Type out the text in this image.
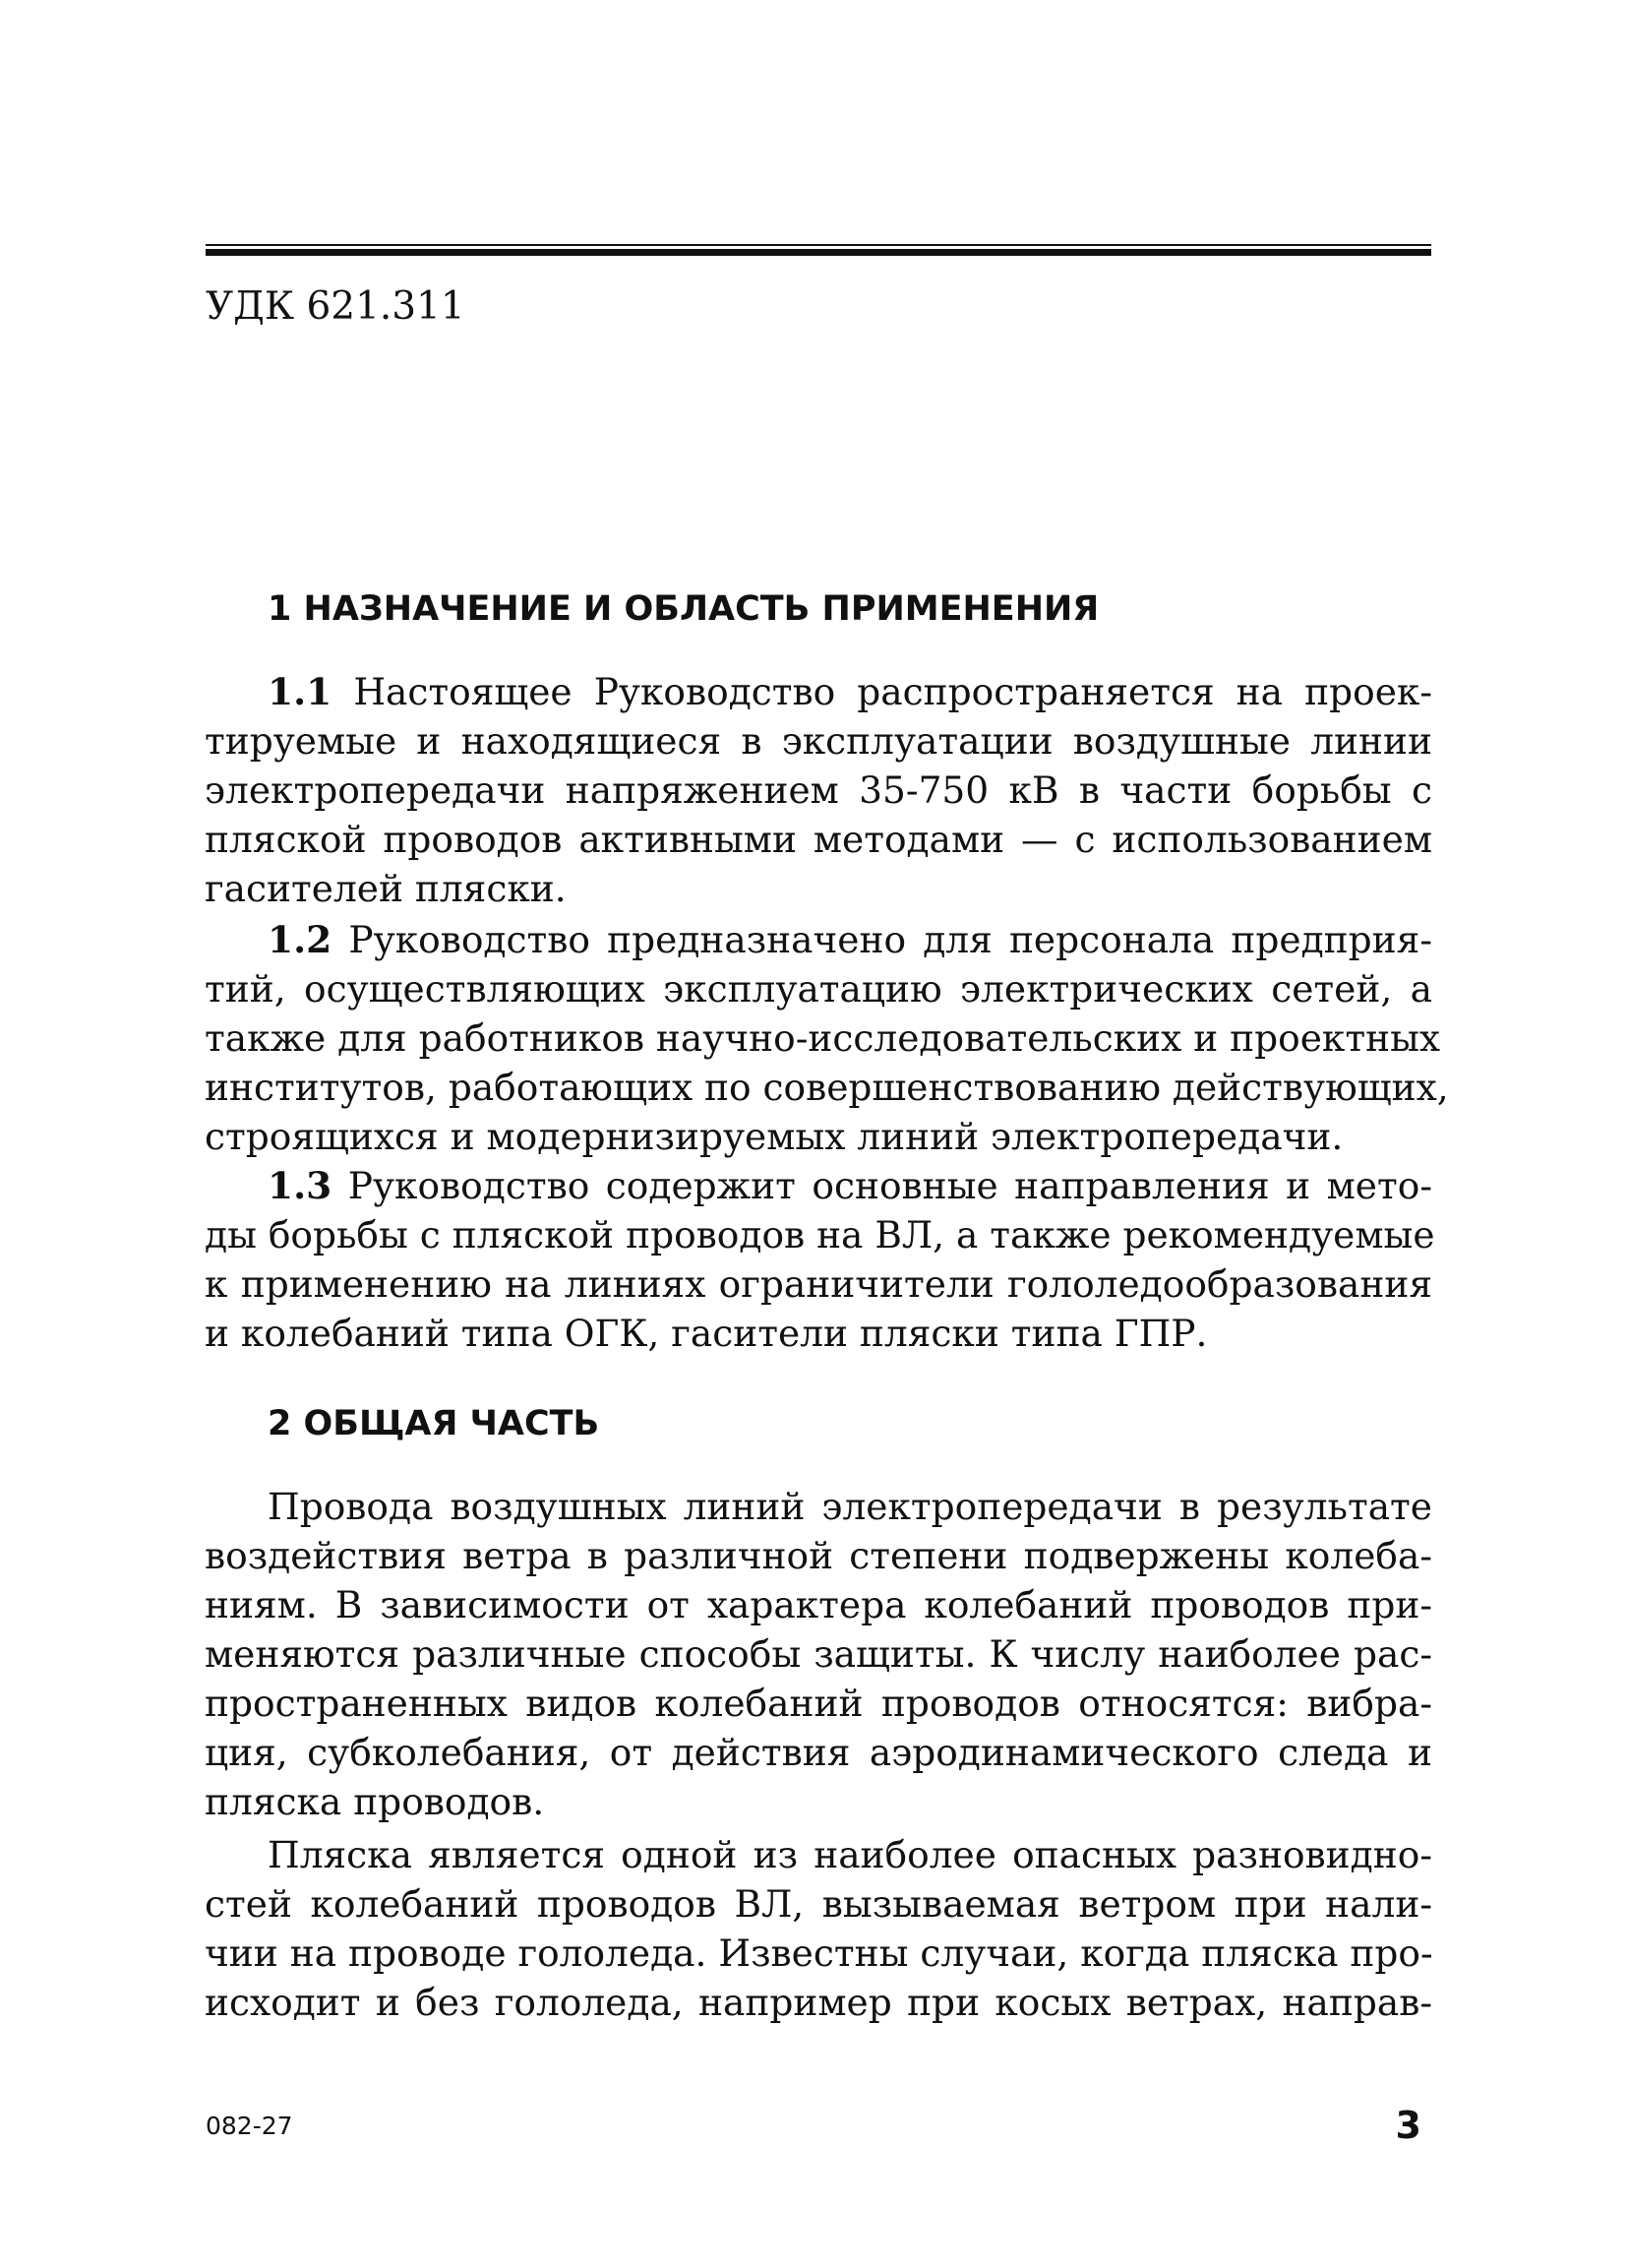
УДК 621.311

1 НАЗНАЧЕНИЕ И ОБЛАСТЬ ПРИМЕНЕНИЯ
1.1 Настоящее Руководство распространяется на проек-
тируемые и находящиеся в эксплуатации воздушные линии
электропередачи напряжением 35-750 кВ в части борьбы с
пляской проводов активными методами — с использованием
гасителей пляски.
1.2 Руководство предназначено для персонала предприя-
тий, осуществляющих эксплуатацию электрических сетей, а
также для работников научно-исследовательских и проектных
институтов, работающих по совершенствованию действующих,
строящихся и модернизируемых линий электропередачи.
1.3 Руководство содержит основные направления и мето-
ды борьбы с пляской проводов на ВЛ, а также рекомендуемые
к применению на линиях ограничители гололедообразования
и колебаний типа ОГК, гасители пляски типа ГПР.
2 ОБЩАЯ ЧАСТЬ
Провода воздушных линий электропередачи в результате
воздействия ветра в различной степени подвержены колеба-
ниям. В зависимости от характера колебаний проводов при-
меняются различные способы защиты. К числу наиболее рас-
пространенных видов колебаний проводов относятся: вибра-
ция, субколебания, от действия аэродинамического следа и
пляска проводов.
Пляска является одной из наиболее опасных разновидно-
стей колебаний проводов ВЛ, вызываемая ветром при нали-
чии на проводе гололеда. Известны случаи, когда пляска про-
исходит и без гололеда, например при косых ветрах, направ-
082-27	3
